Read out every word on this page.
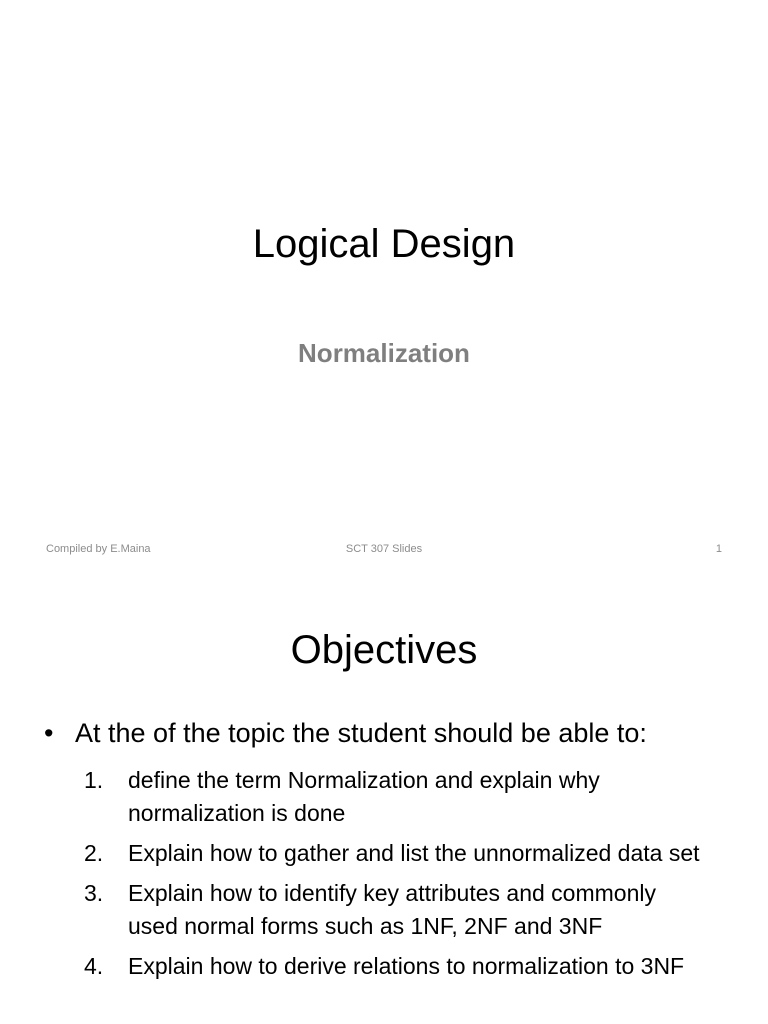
Logical Design
Normalization
Compiled by E.Maina	SCT 307 Slides	1
Objectives
• At the of the topic the student should be able to:
1.	define the term Normalization and explain why normalization is done
2.	Explain how to gather and list the unnormalized data set
3.	Explain how to identify key attributes and commonly used normal forms such as 1NF, 2NF and 3NF
4.	Explain how to derive relations to normalization to 3NF
